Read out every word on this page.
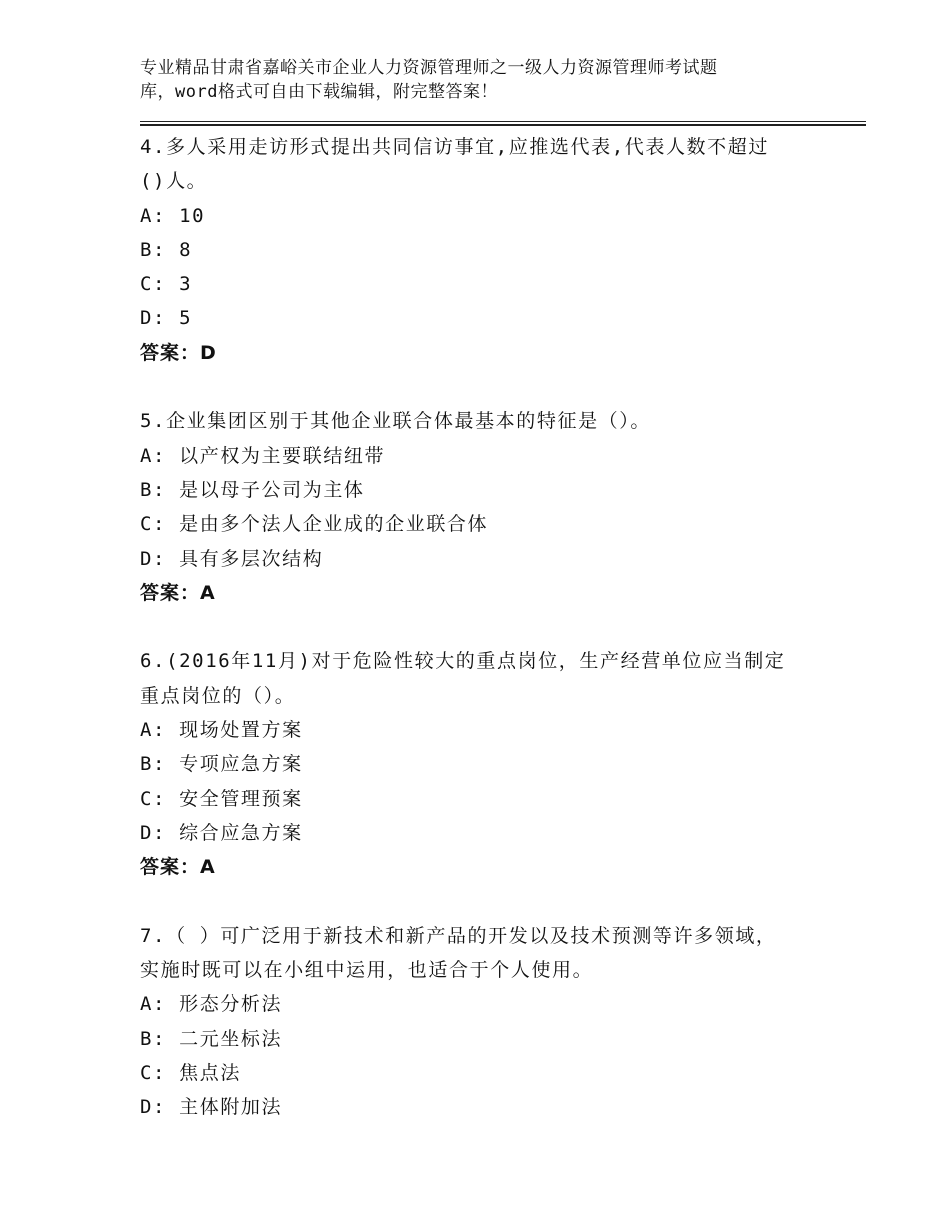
专业精品甘肃省嘉峪关市企业人力资源管理师之一级人力资源管理师考试题
库，word格式可自由下载编辑，附完整答案！
4.多人采用走访形式提出共同信访事宜,应推选代表,代表人数不超过
()人。
A: 10
B: 8
C: 3
D: 5
答案：D
5.企业集团区别于其他企业联合体最基本的特征是（）。
A: 以产权为主要联结纽带
B: 是以母子公司为主体
C: 是由多个法人企业成的企业联合体
D: 具有多层次结构
答案：A
6.(2016年11月)对于危险性较大的重点岗位，生产经营单位应当制定
重点岗位的（）。
A: 现场处置方案
B: 专项应急方案
C: 安全管理预案
D: 综合应急方案
答案：A
7.（ ）可广泛用于新技术和新产品的开发以及技术预测等许多领域，
实施时既可以在小组中运用，也适合于个人使用。
A: 形态分析法
B: 二元坐标法
C: 焦点法
D: 主体附加法
